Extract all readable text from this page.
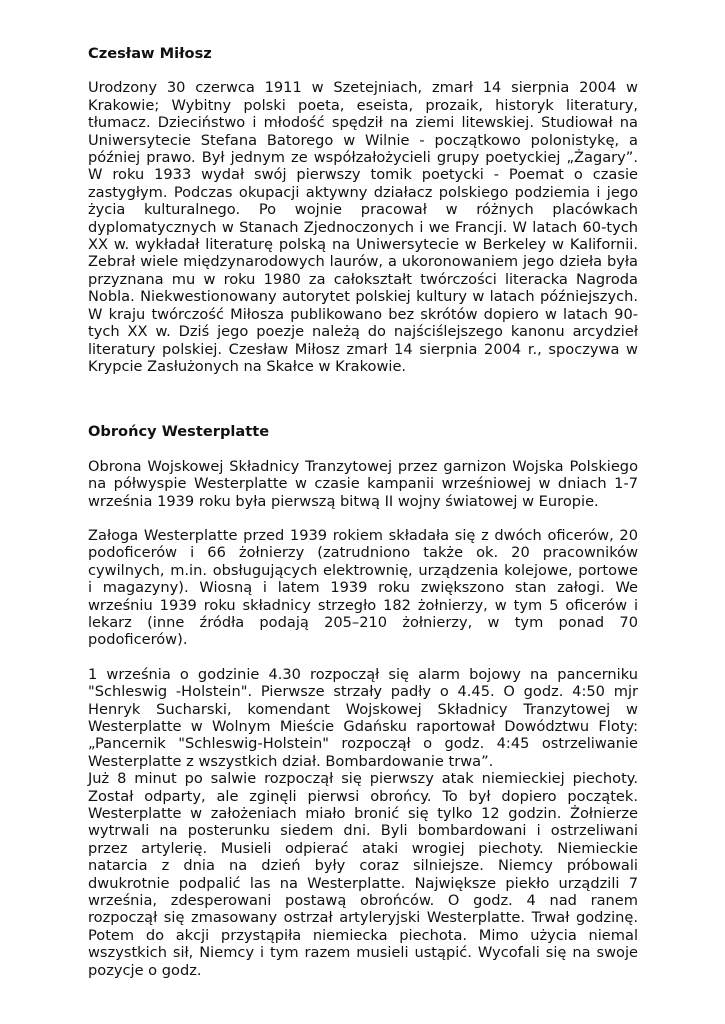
Czesław Miłosz

Urodzony 30 czerwca 1911 w Szetejniach, zmarł 14 sierpnia 2004 w Krakowie; Wybitny polski poeta, eseista, prozaik, historyk literatury, tłumacz. Dzieciństwo i młodość spędził na ziemi litewskiej. Studiował na Uniwersytecie Stefana Batorego w Wilnie - początkowo polonistykę, a później prawo. Był jednym ze współzałożycieli grupy poetyckiej „Żagary”. W roku 1933 wydał swój pierwszy tomik poetycki - Poemat o czasie zastygłym. Podczas okupacji aktywny działacz polskiego podziemia i jego życia kulturalnego. Po wojnie pracował w różnych placówkach dyplomatycznych w Stanach Zjednoczonych i we Francji. W latach 60-tych XX w. wykładał literaturę polską na Uniwersytecie w Berkeley w Kalifornii. Zebrał wiele międzynarodowych laurów, a ukoronowaniem jego dzieła była przyznana mu w roku 1980 za całokształt twórczości literacka Nagroda Nobla. Niekwestionowany autorytet polskiej kultury w latach późniejszych. W kraju twórczość Miłosza publikowano bez skrótów dopiero w latach 90-tych XX w. Dziś jego poezje należą do najściślejszego kanonu arcydzieł literatury polskiej. Czesław Miłosz zmarł 14 sierpnia 2004 r., spoczywa w Krypcie Zasłużonych na Skałce w Krakowie.

Obrońcy Westerplatte

Obrona Wojskowej Składnicy Tranzytowej przez garnizon Wojska Polskiego na półwyspie Westerplatte w czasie kampanii wrześniowej w dniach 1-7 września 1939 roku była pierwszą bitwą II wojny światowej w Europie.

Załoga Westerplatte przed 1939 rokiem składała się z dwóch oficerów, 20 podoficerów i 66 żołnierzy (zatrudniono także ok. 20 pracowników cywilnych, m.in. obsługujących elektrownię, urządzenia kolejowe, portowe i magazyny). Wiosną i latem 1939 roku zwiększono stan załogi. We wrześniu 1939 roku składnicy strzegło 182 żołnierzy, w tym 5 oficerów i lekarz (inne źródła podają 205–210 żołnierzy, w tym ponad 70 podoficerów).

1 września o godzinie 4.30 rozpoczął się alarm bojowy na pancerniku "Schleswig -Holstein". Pierwsze strzały padły o 4.45. O godz. 4:50 mjr Henryk Sucharski, komendant Wojskowej Składnicy Tranzytowej w Westerplatte w Wolnym Mieście Gdańsku raportował Dowództwu Floty: „Pancernik "Schleswig-Holstein" rozpoczął o godz. 4:45 ostrzeliwanie Westerplatte z wszystkich dział. Bombardowanie trwa”.

Już 8 minut po salwie rozpoczął się pierwszy atak niemieckiej piechoty. Został odparty, ale zginęli pierwsi obrońcy. To był dopiero początek. Westerplatte w założeniach miało bronić się tylko 12 godzin. Żołnierze wytrwali na posterunku siedem dni. Byli bombardowani i ostrzeliwani przez artylerię. Musieli odpierać ataki wrogiej piechoty. Niemieckie natarcia z dnia na dzień były coraz silniejsze. Niemcy próbowali dwukrotnie podpalić las na Westerplatte. Największe piekło urządzili 7 września, zdesperowani postawą obrońców. O godz. 4 nad ranem rozpoczął się zmasowany ostrzał artyleryjski Westerplatte. Trwał godzinę. Potem do akcji przystąpiła niemiecka piechota. Mimo użycia niemal wszystkich sił, Niemcy i tym razem musieli ustąpić. Wycofali się na swoje pozycje o godz.
